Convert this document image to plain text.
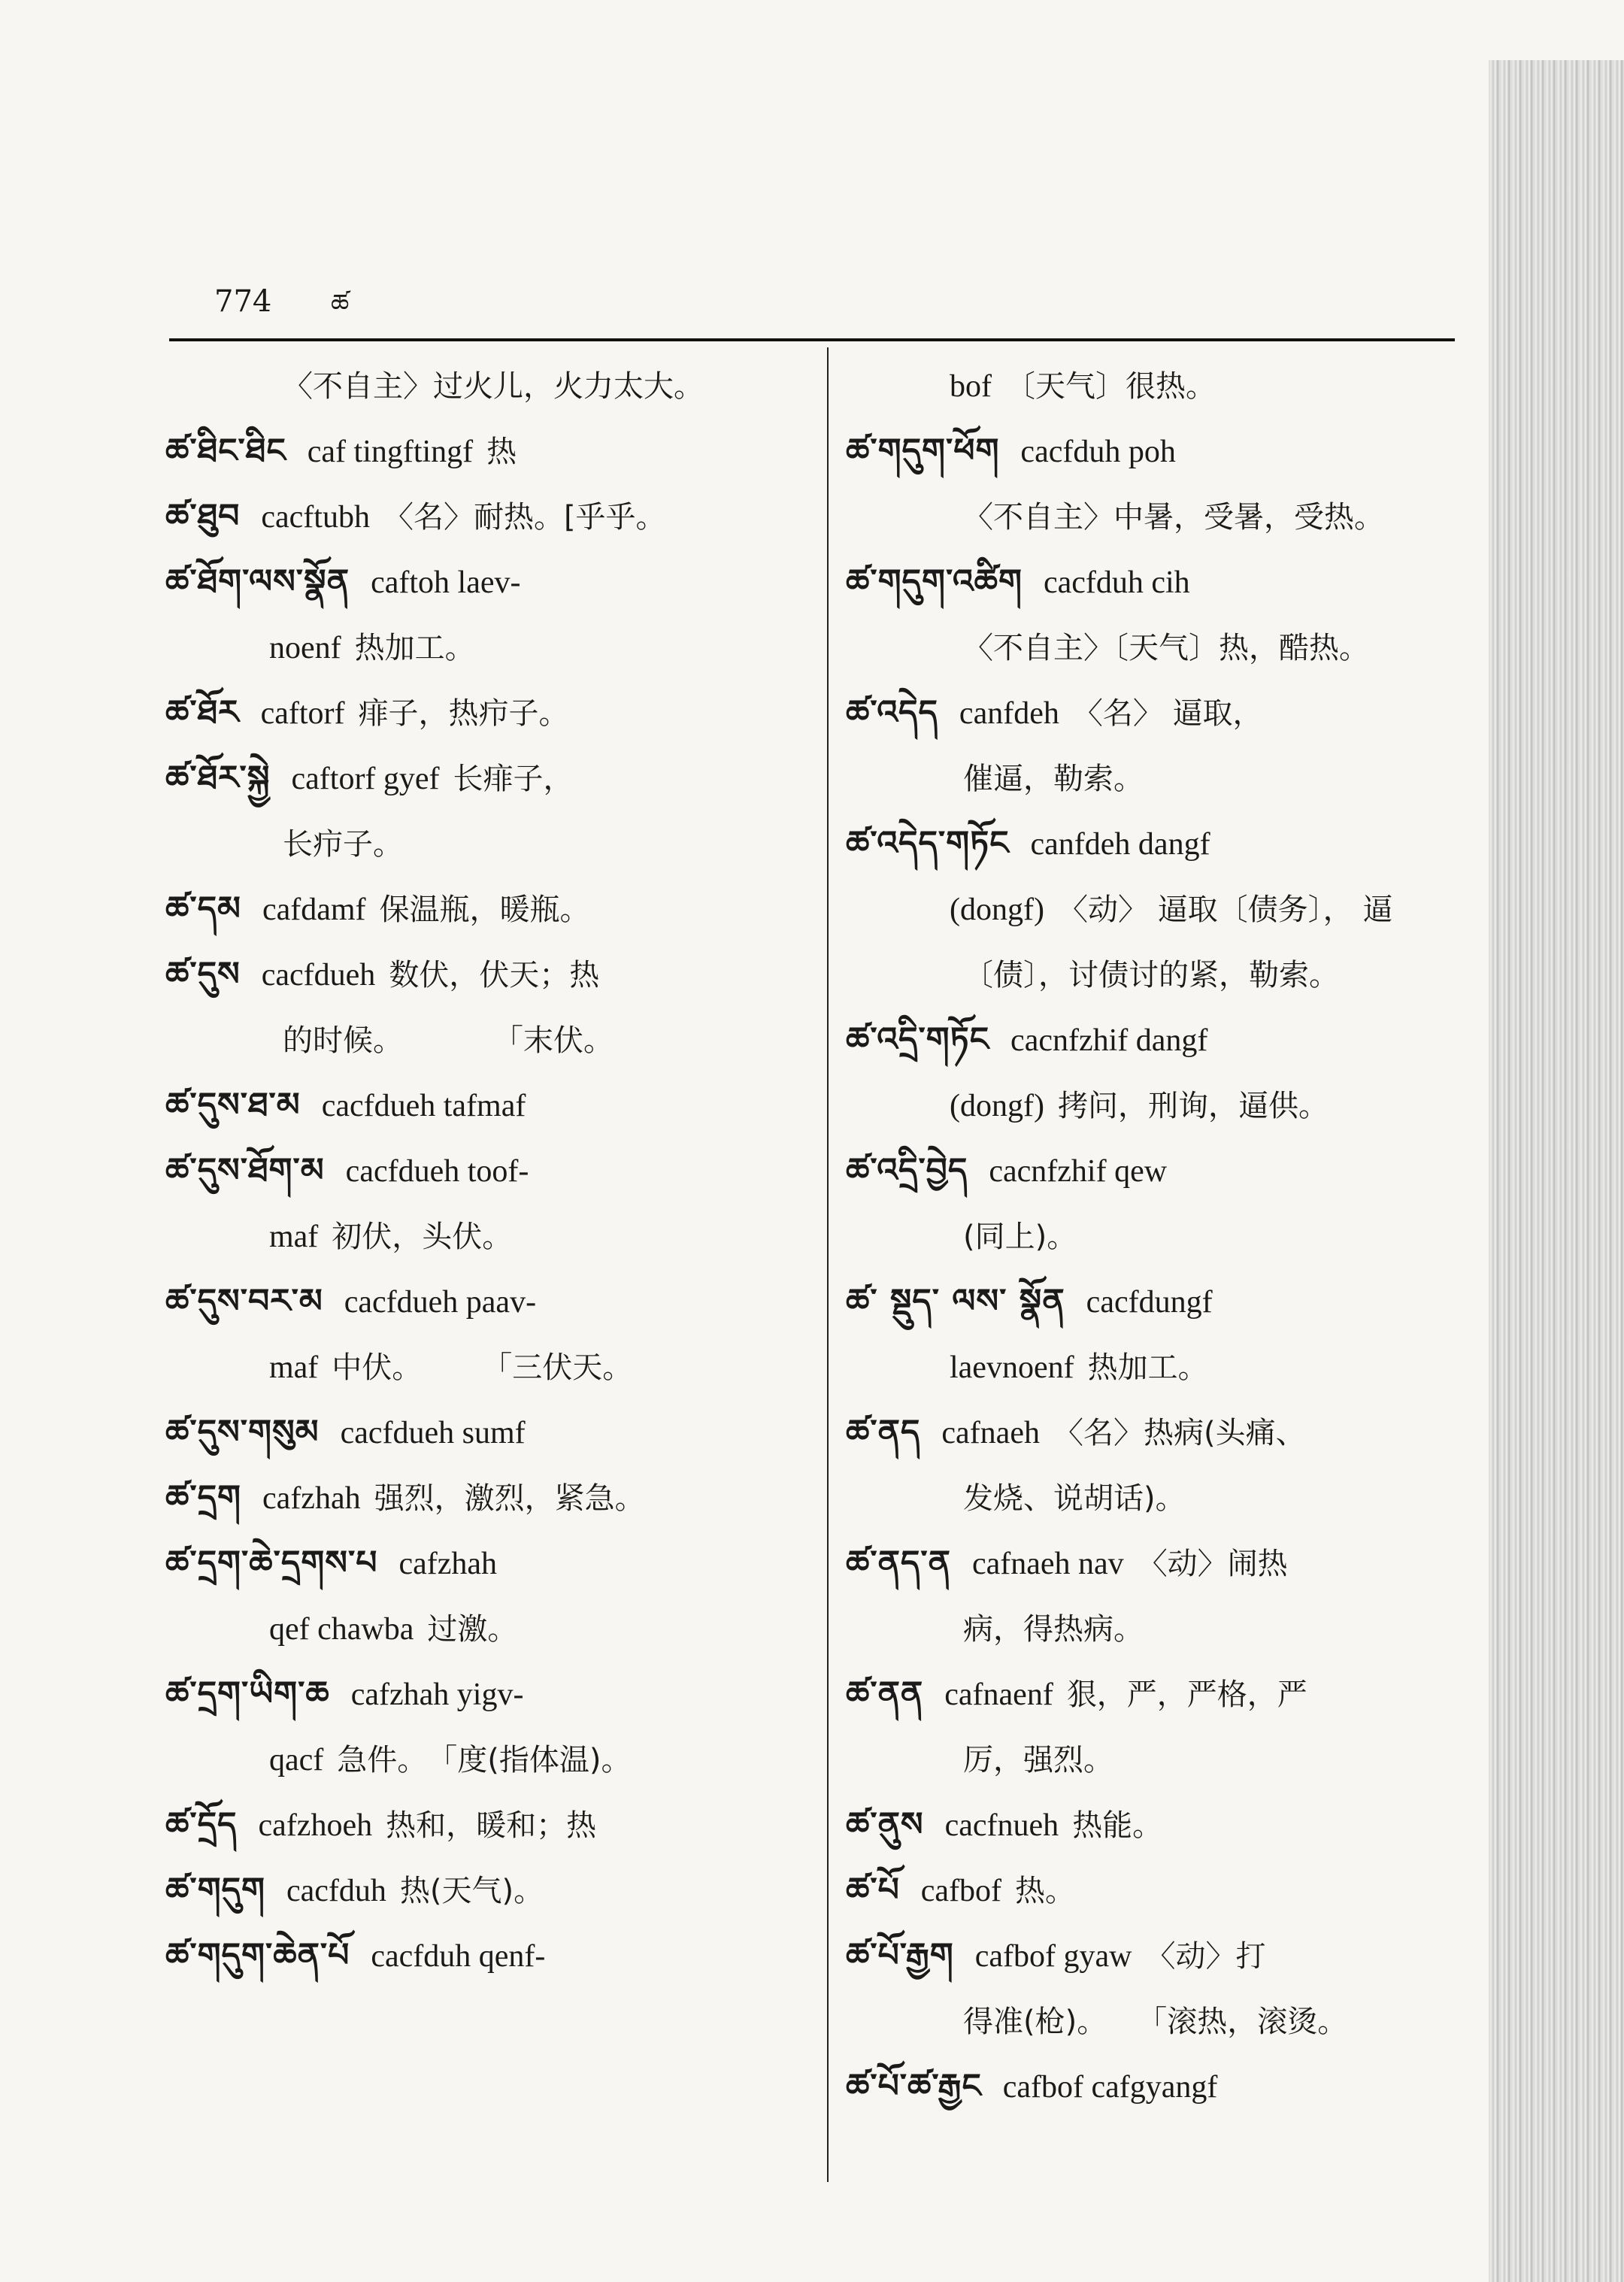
774 ཚ
〈不自主〉过火儿，火力太大。
ཚ་ཐིང་ཐིང caf tingftingf 热
ཚ་ཐུབ cacftubh 〈名〉耐热。[乎乎。
ཚ་ཐོག་ལས་སྣོན caftoh laev-
noenf 热加工。
ཚ་ཐོར caftorf 痱子，热疖子。
ཚ་ཐོར་སྐྱེ caftorf gyef 长痱子，
长疖子。
ཚ་དམ cafdamf 保温瓶，暖瓶。
ཚ་དུས cacfdueh 数伏，伏天；热
的时候。　　　　「末伏。
ཚ་དུས་ཐ་མ cacfdueh tafmaf
ཚ་དུས་ཐོག་མ cacfdueh toof-
maf 初伏，头伏。
ཚ་དུས་བར་མ cacfdueh paav-
maf 中伏。　　　「三伏天。
ཚ་དུས་གསུམ cacfdueh sumf
ཚ་དྲག cafzhah 强烈，激烈，紧急。
ཚ་དྲག་ཆེ་དྲགས་པ cafzhah
qef chawba 过激。
ཚ་དྲག་ཡིག་ཆ cafzhah yigv-
qacf 急件。　「度(指体温)。
ཚ་དྲོད cafzhoeh 热和，暖和；热
ཚ་གདུག cacfduh 热(天气)。
ཚ་གདུག་ཆེན་པོ cacfduh qenf-
bof 〔天气〕很热。
ཚ་གདུག་ཕོག cacfduh poh
〈不自主〉中暑，受暑，受热。
ཚ་གདུག་འཚིག cacfduh cih
〈不自主〉〔天气〕热，酷热。
ཚ་འདེད canfdeh 〈名〉 逼取，
催逼，勒索。
ཚ་འདེད་གཏོང canfdeh dangf
(dongf) 〈动〉 逼取〔债务〕， 逼
〔债〕，讨债讨的紧，勒索。
ཚ་འདྲི་གཏོང cacnfzhif dangf
(dongf) 拷问，刑询，逼供。
ཚ་འདྲི་བྱེད cacnfzhif qew
(同上)。
ཚ་ སྡུད་ ལས་ སྣོན cacfdungf
laevnoenf 热加工。
ཚ་ནད cafnaeh 〈名〉热病(头痛、
发烧、说胡话)。
ཚ་ནད་ན cafnaeh nav 〈动〉闹热
病，得热病。
ཚ་ནན cafnaenf 狠，严，严格，严
厉，强烈。
ཚ་ནུས cacfnueh 热能。
ཚ་པོ cafbof 热。
ཚ་པོ་རྒྱག cafbof gyaw 〈动〉打
得准(枪)。　　「滚热，滚烫。
ཚ་པོ་ཚ་རྒྱང cafbof cafgyangf
